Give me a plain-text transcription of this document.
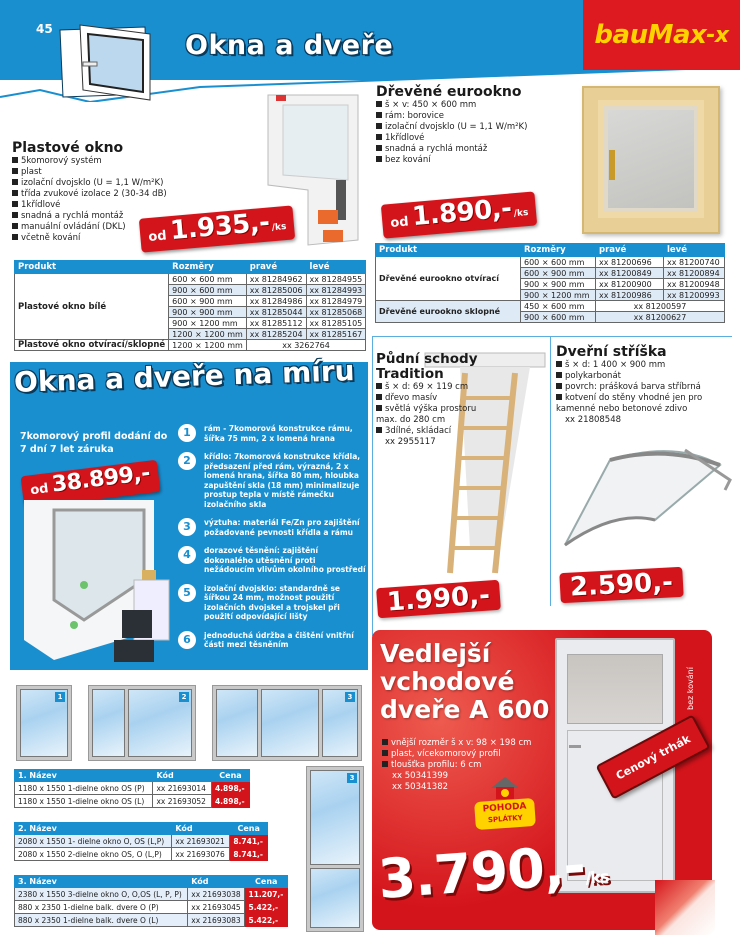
45
Okna a dveře	bauMax -x
Plastové okno
5komorový systém
plast
izolační dvojsklo (U = 1,1 W/m²K)
třída zvukové izolace 2 (30-34 dB)
1křídlové
snadná a rychlá montáž
manuální ovládání (DKL)
včetně kování	od 1.935,- /ks
Produkt	Rozměry	pravé	levé
Plastové okno bílé	600 × 600 mm	xx 81284962	xx 81284955
	900 × 600 mm	xx 81285006	xx 81284993
	600 × 900 mm	xx 81284986	xx 81284979
	900 × 900 mm	xx 81285044	xx 81285068
	900 × 1200 mm	xx 81285112	xx 81285105
	1200 × 1200 mm	xx 81285204	xx 81285167
Plastové okno otvírací/sklopné	1200 × 1200 mm	xx 3262764	
Dřevěné eurookno
š × v: 450 × 600 mm
rám: borovice
izolační dvojsklo (U = 1,1 W/m²K)
1křídlové
snadná a rychlá montáž
bez kování
od 1.890,- /ks
Produkt	Rozměry	pravé	levé
Dřevěné eurookno otvírací	600 × 600 mm	xx 81200696	xx 81200740
	600 × 900 mm	xx 81200849	xx 81200894
	900 × 900 mm	xx 81200900	xx 81200948
	900 × 1200 mm	xx 81200986	xx 81200993
Dřevěné eurookno sklopné	450 × 600 mm	xx 81200597	
	900 × 600 mm	xx 81200627	
Okna a dveře na míru
7komorový profil dodání do 7 dní 7 let záruka
od 38.899,-
1	rám - 7komorová konstrukce rámu, šířka 75 mm, 2 x lomená hrana
2	křídlo: 7komorová konstrukce křídla, předsazení před rám, výrazná, 2 x lomená hrana, šířka 80 mm, hloubka zapuštění skla (18 mm) minimalizuje prostup tepla v místě rámečku izolačního skla
3	výztuha: materiál Fe/Zn pro zajištění požadované pevnosti křídla a rámu
4	dorazové těsnění: zajištění dokonalého utěsnění proti nežádoucím vlivům okolního prostředí
5	izolační dvojsklo: standardně se šířkou 24 mm, možnost použití izolačních dvojskel a trojskel při použití odpovídající lišty
6	jednoduchá údržba a čištění vnitřní části mezi těsněním
1	2	3
3
1. Název	Kód	Cena
1180 x 1550 1-dielne okno OS (P)	xx 21693014	4.898,-
1180 x 1550 1-dielne okno OS (L)	xx 21693052	4.898,-
2. Název	Kód	Cena
2080 x 1550 1- dielne okno O, OS (L,P)	xx 21693021	8.741,-
2080 x 1550 2-dielne okno OS, O (L,P)	xx 21693076	8.741,-
3. Název	Kód	Cena
2380 x 1550 3-dielne okno O, O,OS (L, P, P)	xx 21693038	11.207,-
880 x 2350 1-dielne balk. dvere O (P)	xx 21693045	5.422,-
880 x 2350 1-dielne balk. dvere O (L)	xx 21693083	5.422,-
Půdní schody Tradition
š × d: 69 × 119 cm
dřevo masív
světlá výška prostoru max. do 280 cm
3dílné, skládací
xx 2955117
1.990,-
Dveřní stříška
š × d: 1 400 × 900 mm
polykarbonát
povrch: prášková barva stříbrná
kotvení do stěny vhodné jen pro kamenné nebo betonové zdivo
xx 21808548
2.590,-
bez kování
Vedlejší
vchodové
dveře A 600
vnější rozměr š x v: 98 × 198 cm
plast, vícekomorový profil
tloušťka profilu: 6 cm
xx 50341399
xx 50341382
Cenový trhák
POHODA
SPLÁTKY
3.790,-/ks
